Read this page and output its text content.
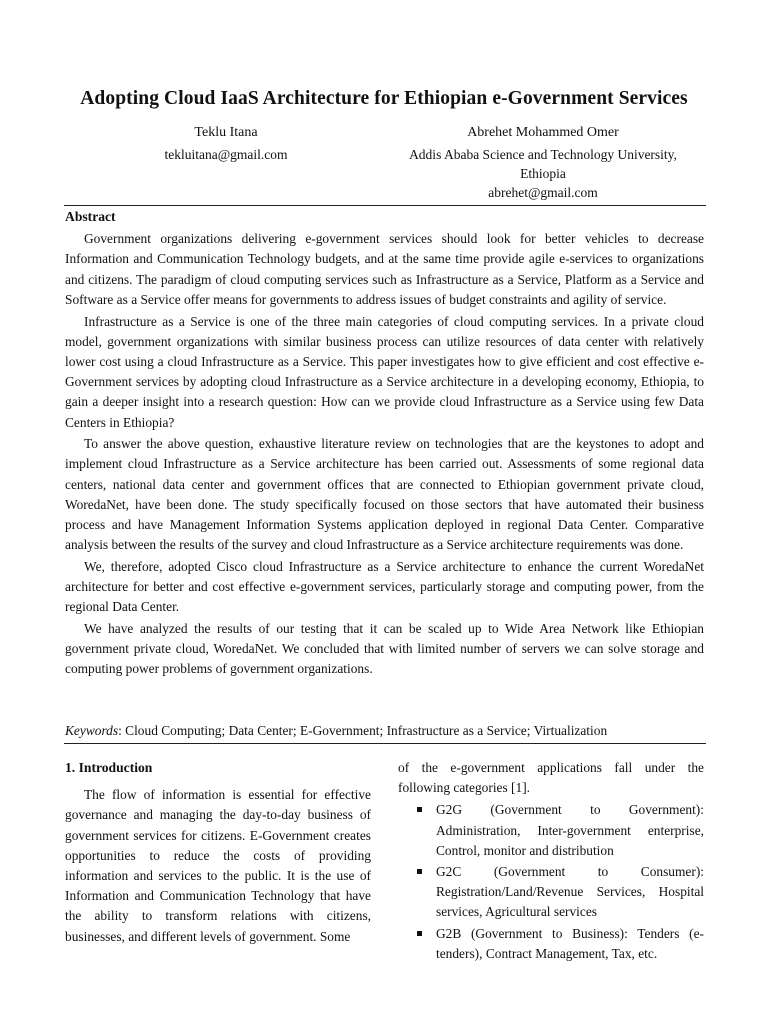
Adopting Cloud IaaS Architecture for Ethiopian e-Government Services
Teklu Itana
tekluitana@gmail.com
Abrehet Mohammed Omer
Addis Ababa Science and Technology University,
Ethiopia
abrehet@gmail.com
Abstract

Government organizations delivering e-government services should look for better vehicles to decrease Information and Communication Technology budgets, and at the same time provide agile e-services to organizations and citizens. The paradigm of cloud computing services such as Infrastructure as a Service, Platform as a Service and Software as a Service offer means for governments to address issues of budget constraints and agility of service.

Infrastructure as a Service is one of the three main categories of cloud computing services. In a private cloud model, government organizations with similar business process can utilize resources of data center with relatively lower cost using a cloud Infrastructure as a Service. This paper investigates how to give efficient and cost effective e-Government services by adopting cloud Infrastructure as a Service architecture in a developing economy, Ethiopia, to gain a deeper insight into a research question: How can we provide cloud Infrastructure as a Service using few Data Centers in Ethiopia?

To answer the above question, exhaustive literature review on technologies that are the keystones to adopt and implement cloud Infrastructure as a Service architecture has been carried out. Assessments of some regional data centers, national data center and government offices that are connected to Ethiopian government private cloud, WoredaNet, have been done. The study specifically focused on those sectors that have automated their business process and have Management Information Systems application deployed in regional Data Center. Comparative analysis between the results of the survey and cloud Infrastructure as a Service architecture requirements was done.

We, therefore, adopted Cisco cloud Infrastructure as a Service architecture to enhance the current WoredaNet architecture for better and cost effective e-government services, particularly storage and computing power, from the regional Data Center.

We have analyzed the results of our testing that it can be scaled up to Wide Area Network like Ethiopian government private cloud, WoredaNet. We concluded that with limited number of servers we can solve storage and computing power problems of government organizations.

Keywords: Cloud Computing; Data Center; E-Government; Infrastructure as a Service; Virtualization
1. Introduction

The flow of information is essential for effective governance and managing the day-to-day business of government services for citizens. E-Government creates opportunities to reduce the costs of providing information and services to the public. It is the use of Information and Communication Technology that have the ability to transform relations with citizens, businesses, and different levels of government. Some

of the e-government applications fall under the following categories [1].

G2G (Government to Government): Administration, Inter-government enterprise, Control, monitor and distribution
G2C (Government to Consumer): Registration/Land/Revenue Services, Hospital services, Agricultural services
G2B (Government to Business): Tenders (e-tenders), Contract Management, Tax, etc.
